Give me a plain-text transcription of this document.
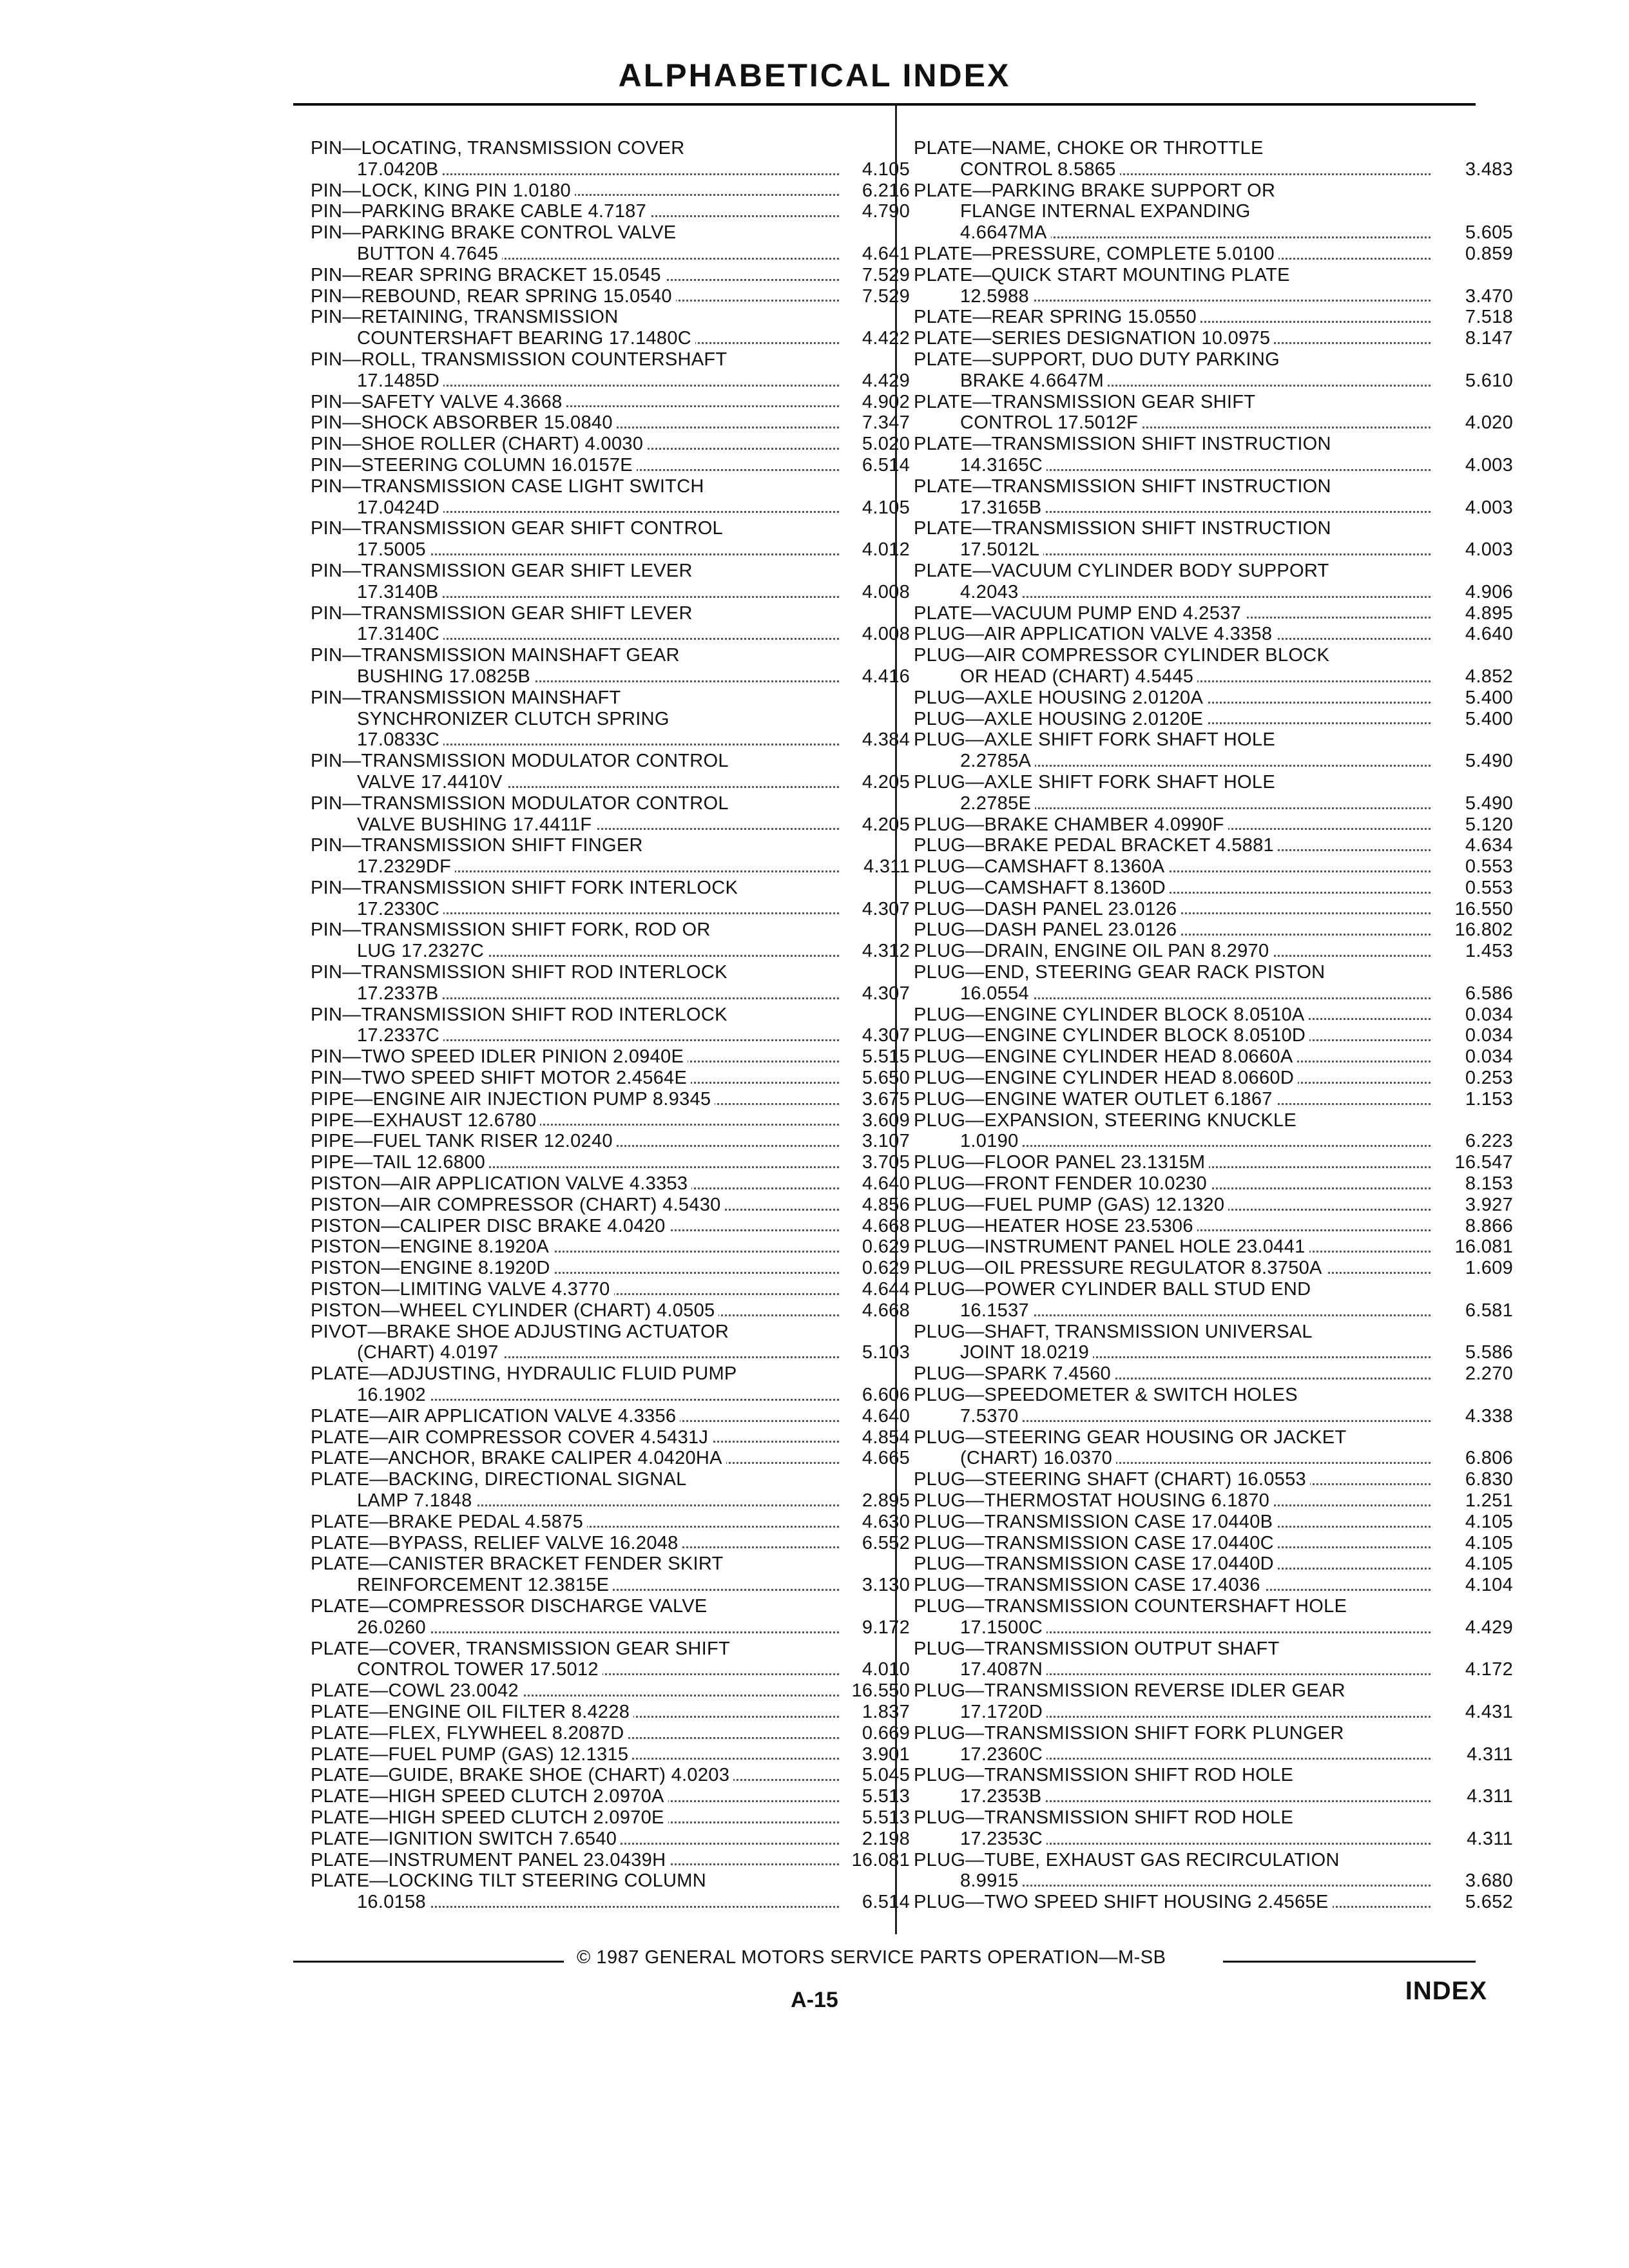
ALPHABETICAL INDEX
PIN—LOCATING, TRANSMISSION COVER
17.0420B	4.105
PIN—LOCK, KING PIN 1.0180	6.216
PIN—PARKING BRAKE CABLE 4.7187	4.790
PIN—PARKING BRAKE CONTROL VALVE
BUTTON 4.7645	4.641
PIN—REAR SPRING BRACKET 15.0545	7.529
PIN—REBOUND, REAR SPRING 15.0540	7.529
PIN—RETAINING, TRANSMISSION
COUNTERSHAFT BEARING 17.1480C	4.422
PIN—ROLL, TRANSMISSION COUNTERSHAFT
17.1485D	4.429
PIN—SAFETY VALVE 4.3668	4.902
PIN—SHOCK ABSORBER 15.0840	7.347
PIN—SHOE ROLLER (CHART) 4.0030	5.020
PIN—STEERING COLUMN 16.0157E	6.514
PIN—TRANSMISSION CASE LIGHT SWITCH
17.0424D	4.105
PIN—TRANSMISSION GEAR SHIFT CONTROL
17.5005	4.012
PIN—TRANSMISSION GEAR SHIFT LEVER
17.3140B	4.008
PIN—TRANSMISSION GEAR SHIFT LEVER
17.3140C	4.008
PIN—TRANSMISSION MAINSHAFT GEAR
BUSHING 17.0825B	4.416
PIN—TRANSMISSION MAINSHAFT
SYNCHRONIZER CLUTCH SPRING
17.0833C	4.384
PIN—TRANSMISSION MODULATOR CONTROL
VALVE 17.4410V	4.205
PIN—TRANSMISSION MODULATOR CONTROL
VALVE BUSHING 17.4411F	4.205
PIN—TRANSMISSION SHIFT FINGER
17.2329DF	4.311
PIN—TRANSMISSION SHIFT FORK INTERLOCK
17.2330C	4.307
PIN—TRANSMISSION SHIFT FORK, ROD OR
LUG 17.2327C	4.312
PIN—TRANSMISSION SHIFT ROD INTERLOCK
17.2337B	4.307
PIN—TRANSMISSION SHIFT ROD INTERLOCK
17.2337C	4.307
PIN—TWO SPEED IDLER PINION 2.0940E	5.515
PIN—TWO SPEED SHIFT MOTOR 2.4564E	5.650
PIPE—ENGINE AIR INJECTION PUMP 8.9345	3.675
PIPE—EXHAUST 12.6780	3.609
PIPE—FUEL TANK RISER 12.0240	3.107
PIPE—TAIL 12.6800	3.705
PISTON—AIR APPLICATION VALVE 4.3353	4.640
PISTON—AIR COMPRESSOR (CHART) 4.5430	4.856
PISTON—CALIPER DISC BRAKE 4.0420	4.668
PISTON—ENGINE 8.1920A	0.629
PISTON—ENGINE 8.1920D	0.629
PISTON—LIMITING VALVE 4.3770	4.644
PISTON—WHEEL CYLINDER (CHART) 4.0505	4.668
PIVOT—BRAKE SHOE ADJUSTING ACTUATOR
(CHART) 4.0197	5.103
PLATE—ADJUSTING, HYDRAULIC FLUID PUMP
16.1902	6.606
PLATE—AIR APPLICATION VALVE 4.3356	4.640
PLATE—AIR COMPRESSOR COVER 4.5431J	4.854
PLATE—ANCHOR, BRAKE CALIPER 4.0420HA	4.665
PLATE—BACKING, DIRECTIONAL SIGNAL
LAMP 7.1848	2.895
PLATE—BRAKE PEDAL 4.5875	4.630
PLATE—BYPASS, RELIEF VALVE 16.2048	6.552
PLATE—CANISTER BRACKET FENDER SKIRT
REINFORCEMENT 12.3815E	3.130
PLATE—COMPRESSOR DISCHARGE VALVE
26.0260	9.172
PLATE—COVER, TRANSMISSION GEAR SHIFT
CONTROL TOWER 17.5012	4.010
PLATE—COWL 23.0042	16.550
PLATE—ENGINE OIL FILTER 8.4228	1.837
PLATE—FLEX, FLYWHEEL 8.2087D	0.669
PLATE—FUEL PUMP (GAS) 12.1315	3.901
PLATE—GUIDE, BRAKE SHOE (CHART) 4.0203	5.045
PLATE—HIGH SPEED CLUTCH 2.0970A	5.513
PLATE—HIGH SPEED CLUTCH 2.0970E	5.513
PLATE—IGNITION SWITCH 7.6540	2.198
PLATE—INSTRUMENT PANEL 23.0439H	16.081
PLATE—LOCKING TILT STEERING COLUMN
16.0158	6.514
PLATE—NAME, CHOKE OR THROTTLE
CONTROL 8.5865	3.483
PLATE—PARKING BRAKE SUPPORT OR
FLANGE INTERNAL EXPANDING
4.6647MA	5.605
PLATE—PRESSURE, COMPLETE 5.0100	0.859
PLATE—QUICK START MOUNTING PLATE
12.5988	3.470
PLATE—REAR SPRING 15.0550	7.518
PLATE—SERIES DESIGNATION 10.0975	8.147
PLATE—SUPPORT, DUO DUTY PARKING
BRAKE 4.6647M	5.610
PLATE—TRANSMISSION GEAR SHIFT
CONTROL 17.5012F	4.020
PLATE—TRANSMISSION SHIFT INSTRUCTION
14.3165C	4.003
PLATE—TRANSMISSION SHIFT INSTRUCTION
17.3165B	4.003
PLATE—TRANSMISSION SHIFT INSTRUCTION
17.5012L	4.003
PLATE—VACUUM CYLINDER BODY SUPPORT
4.2043	4.906
PLATE—VACUUM PUMP END 4.2537	4.895
PLUG—AIR APPLICATION VALVE 4.3358	4.640
PLUG—AIR COMPRESSOR CYLINDER BLOCK
OR HEAD (CHART) 4.5445	4.852
PLUG—AXLE HOUSING 2.0120A	5.400
PLUG—AXLE HOUSING 2.0120E	5.400
PLUG—AXLE SHIFT FORK SHAFT HOLE
2.2785A	5.490
PLUG—AXLE SHIFT FORK SHAFT HOLE
2.2785E	5.490
PLUG—BRAKE CHAMBER 4.0990F	5.120
PLUG—BRAKE PEDAL BRACKET 4.5881	4.634
PLUG—CAMSHAFT 8.1360A	0.553
PLUG—CAMSHAFT 8.1360D	0.553
PLUG—DASH PANEL 23.0126	16.550
PLUG—DASH PANEL 23.0126	16.802
PLUG—DRAIN, ENGINE OIL PAN 8.2970	1.453
PLUG—END, STEERING GEAR RACK PISTON
16.0554	6.586
PLUG—ENGINE CYLINDER BLOCK 8.0510A	0.034
PLUG—ENGINE CYLINDER BLOCK 8.0510D	0.034
PLUG—ENGINE CYLINDER HEAD 8.0660A	0.034
PLUG—ENGINE CYLINDER HEAD 8.0660D	0.253
PLUG—ENGINE WATER OUTLET 6.1867	1.153
PLUG—EXPANSION, STEERING KNUCKLE
1.0190	6.223
PLUG—FLOOR PANEL 23.1315M	16.547
PLUG—FRONT FENDER 10.0230	8.153
PLUG—FUEL PUMP (GAS) 12.1320	3.927
PLUG—HEATER HOSE 23.5306	8.866
PLUG—INSTRUMENT PANEL HOLE 23.0441	16.081
PLUG—OIL PRESSURE REGULATOR 8.3750A	1.609
PLUG—POWER CYLINDER BALL STUD END
16.1537	6.581
PLUG—SHAFT, TRANSMISSION UNIVERSAL
JOINT 18.0219	5.586
PLUG—SPARK 7.4560	2.270
PLUG—SPEEDOMETER & SWITCH HOLES
7.5370	4.338
PLUG—STEERING GEAR HOUSING OR JACKET
(CHART) 16.0370	6.806
PLUG—STEERING SHAFT (CHART) 16.0553	6.830
PLUG—THERMOSTAT HOUSING 6.1870	1.251
PLUG—TRANSMISSION CASE 17.0440B	4.105
PLUG—TRANSMISSION CASE 17.0440C	4.105
PLUG—TRANSMISSION CASE 17.0440D	4.105
PLUG—TRANSMISSION CASE 17.4036	4.104
PLUG—TRANSMISSION COUNTERSHAFT HOLE
17.1500C	4.429
PLUG—TRANSMISSION OUTPUT SHAFT
17.4087N	4.172
PLUG—TRANSMISSION REVERSE IDLER GEAR
17.1720D	4.431
PLUG—TRANSMISSION SHIFT FORK PLUNGER
17.2360C	4.311
PLUG—TRANSMISSION SHIFT ROD HOLE
17.2353B	4.311
PLUG—TRANSMISSION SHIFT ROD HOLE
17.2353C	4.311
PLUG—TUBE, EXHAUST GAS RECIRCULATION
8.9915	3.680
PLUG—TWO SPEED SHIFT HOUSING 2.4565E	5.652
© 1987 GENERAL MOTORS SERVICE PARTS OPERATION—M-SB
A-15	INDEX
